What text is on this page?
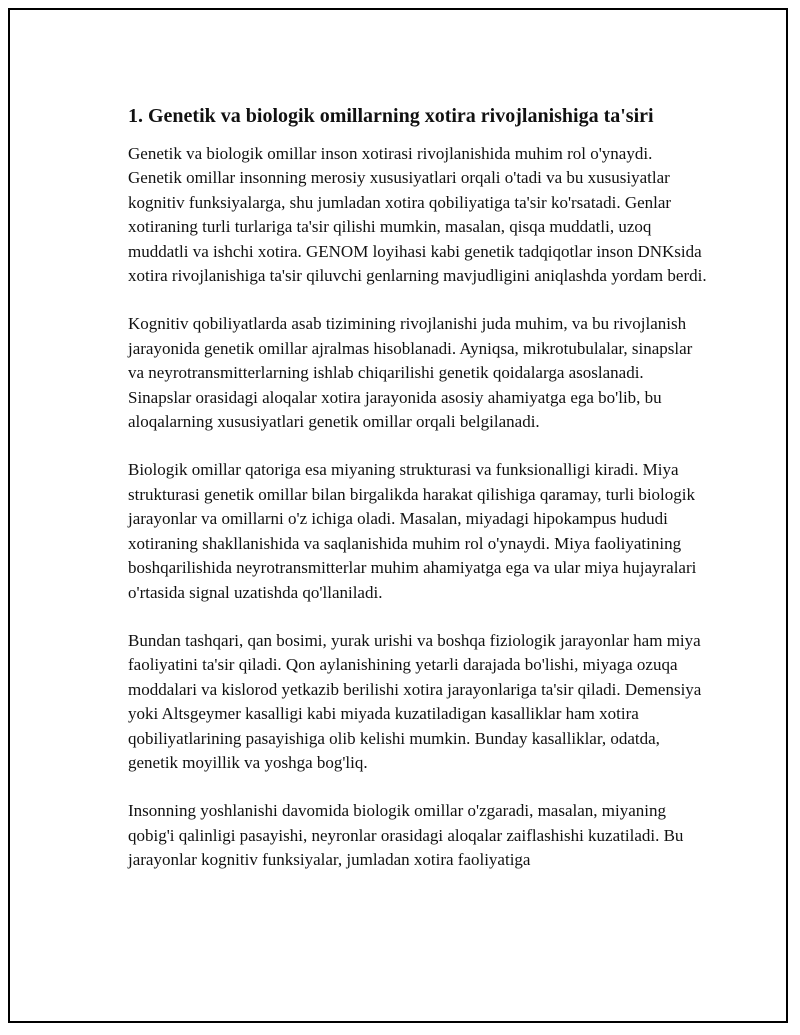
1. Genetik va biologik omillarning xotira rivojlanishiga ta'siri

Genetik va biologik omillar inson xotirasi rivojlanishida muhim rol o'ynaydi. Genetik omillar insonning merosiy xususiyatlari orqali o'tadi va bu xususiyatlar kognitiv funksiyalarga, shu jumladan xotira qobiliyatiga ta'sir ko'rsatadi. Genlar xotiraning turli turlariga ta'sir qilishi mumkin, masalan, qisqa muddatli, uzoq muddatli va ishchi xotira. GENOM loyihasi kabi genetik tadqiqotlar inson DNKsida xotira rivojlanishiga ta'sir qiluvchi genlarning mavjudligini aniqlashda yordam berdi.

Kognitiv qobiliyatlarda asab tizimining rivojlanishi juda muhim, va bu rivojlanish jarayonida genetik omillar ajralmas hisoblanadi. Ayniqsa, mikrotubulalar, sinapslar va neyrotransmitterlarning ishlab chiqarilishi genetik qoidalarga asoslanadi. Sinapslar orasidagi aloqalar xotira jarayonida asosiy ahamiyatga ega bo'lib, bu aloqalarning xususiyatlari genetik omillar orqali belgilanadi.

Biologik omillar qatoriga esa miyaning strukturasi va funksionalligi kiradi. Miya strukturasi genetik omillar bilan birgalikda harakat qilishiga qaramay, turli biologik jarayonlar va omillarni o'z ichiga oladi. Masalan, miyadagi hipokampus hududi xotiraning shakllanishida va saqlanishida muhim rol o'ynaydi. Miya faoliyatining boshqarilishida neyrotransmitterlar muhim ahamiyatga ega va ular miya hujayralari o'rtasida signal uzatishda qo'llaniladi.

Bundan tashqari, qan bosimi, yurak urishi va boshqa fiziologik jarayonlar ham miya faoliyatini ta'sir qiladi. Qon aylanishining yetarli darajada bo'lishi, miyaga ozuqa moddalari va kislorod yetkazib berilishi xotira jarayonlariga ta'sir qiladi. Demensiya yoki Altsgeymer kasalligi kabi miyada kuzatiladigan kasalliklar ham xotira qobiliyatlarining pasayishiga olib kelishi mumkin. Bunday kasalliklar, odatda, genetik moyillik va yoshga bog'liq.

Insonning yoshlanishi davomida biologik omillar o'zgaradi, masalan, miyaning qobig'i qalinligi pasayishi, neyronlar orasidagi aloqalar zaiflashishi kuzatiladi. Bu jarayonlar kognitiv funksiyalar, jumladan xotira faoliyatiga
